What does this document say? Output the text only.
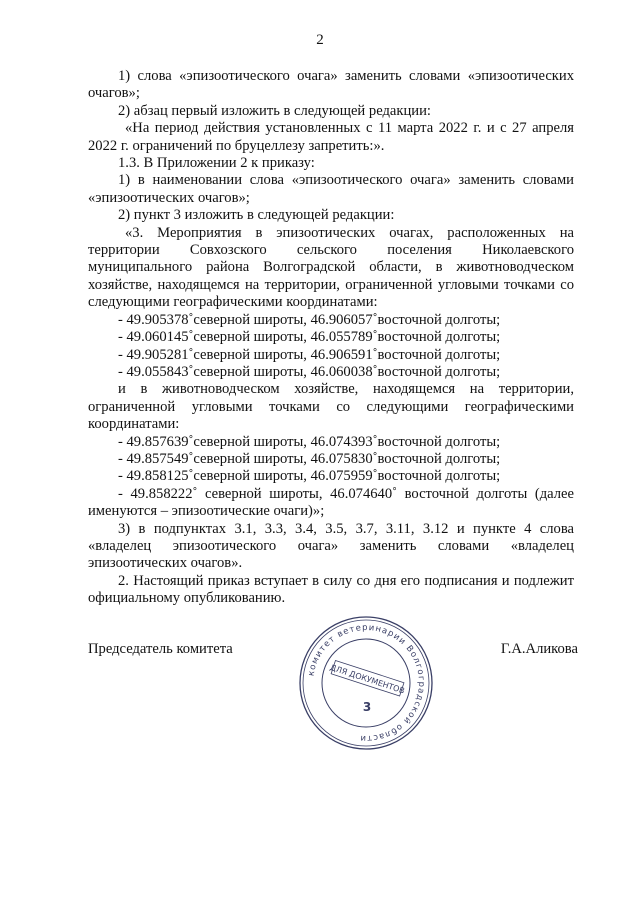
2

1) слова «эпизоотического очага» заменить словами «эпизоотических очагов»;

2) абзац первый изложить в следующей редакции:

«На период действия установленных с 11 марта 2022 г. и с 27 апреля 2022 г. ограничений по бруцеллезу запретить:».

1.3. В Приложении 2 к приказу:

1) в наименовании слова «эпизоотического очага» заменить словами «эпизоотических очагов»;

2) пункт 3 изложить в следующей редакции:

«3. Мероприятия в эпизоотических очагах, расположенных на территории Совхозского сельского поселения Николаевского муниципального района Волгоградской области, в животноводческом хозяйстве, находящемся на территории, ограниченной угловыми точками со следующими географическими координатами:

- 49.905378˚северной широты, 46.906057˚восточной долготы;

- 49.060145˚северной широты, 46.055789˚восточной долготы;

- 49.905281˚северной широты, 46.906591˚восточной долготы;

- 49.055843˚северной широты, 46.060038˚восточной долготы;

и в животноводческом хозяйстве, находящемся на территории, ограниченной угловыми точками со следующими географическими координатами:

- 49.857639˚северной широты, 46.074393˚восточной долготы;

- 49.857549˚северной широты, 46.075830˚восточной долготы;

- 49.858125˚северной широты, 46.075959˚восточной долготы;

- 49.858222˚ северной широты, 46.074640˚ восточной долготы (далее именуются – эпизоотические очаги)»;

3) в подпунктах 3.1, 3.3, 3.4, 3.5, 3.7, 3.11, 3.12 и пункте 4 слова «владелец эпизоотического очага» заменить словами «владелец эпизоотических очагов».

2. Настоящий приказ вступает в силу со дня его подписания и подлежит официальному опубликованию.

Председатель комитета	Г.А.Аликова
комитет ветеринарии Волгоградской области
ДЛЯ ДОКУМЕНТОВ
3
